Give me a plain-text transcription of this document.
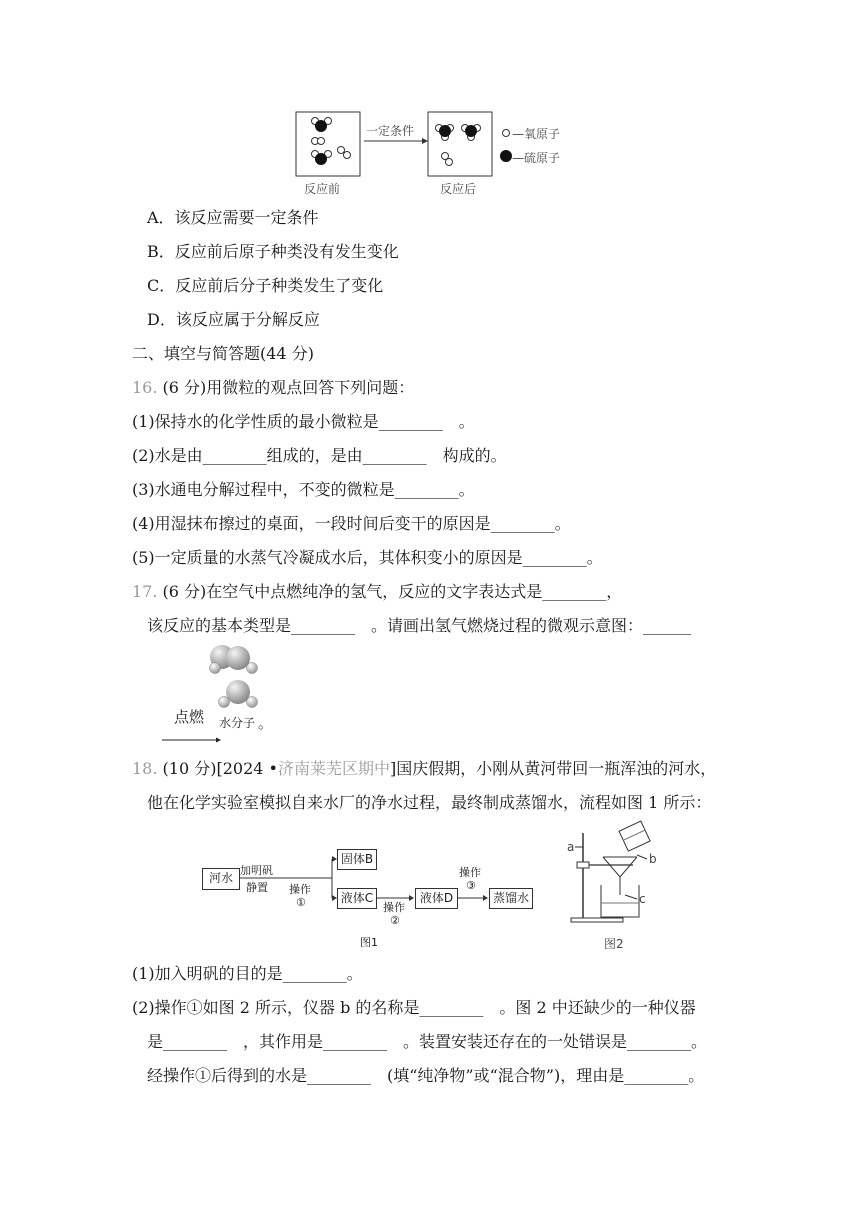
一定条件
反应前	反应后
—氧原子
—硫原子
A．该反应需要一定条件
B．反应前后原子种类没有发生变化
C．反应前后分子种类发生了变化
D．该反应属于分解反应
二、填空与简答题(44 分)
16. (6 分)用微粒的观点回答下列问题：
(1)保持水的化学性质的最小微粒是________　。
(2)水是由________组成的，是由________　构成的。
(3)水通电分解过程中，不变的微粒是________。
(4)用湿抹布擦过的桌面，一段时间后变干的原因是________。
(5)一定质量的水蒸气冷凝成水后，其体积变小的原因是________。
17. (6 分)在空气中点燃纯净的氢气，反应的文字表达式是________，
该反应的基本类型是________　。请画出氢气燃烧过程的微观示意图：______
点燃 水分子 。
18. (10 分)[2024 •济南莱芜区期中]国庆假期，小刚从黄河带回一瓶浑浊的河水，
他在化学实验室模拟自来水厂的净水过程，最终制成蒸馏水，流程如图 1 所示：
河水
加明矾
静置 操作
①
固体B
液体C
操作
②
液体D
操作
③
蒸馏水
图1
a
b
c
图2
(1)加入明矾的目的是________。
(2)操作①如图 2 所示，仪器 b 的名称是________　。图 2 中还缺少的一种仪器
是________　，其作用是________　。装置安装还存在的一处错误是________。
经操作①后得到的水是________　(填“纯净物”或“混合物”)，理由是________。
